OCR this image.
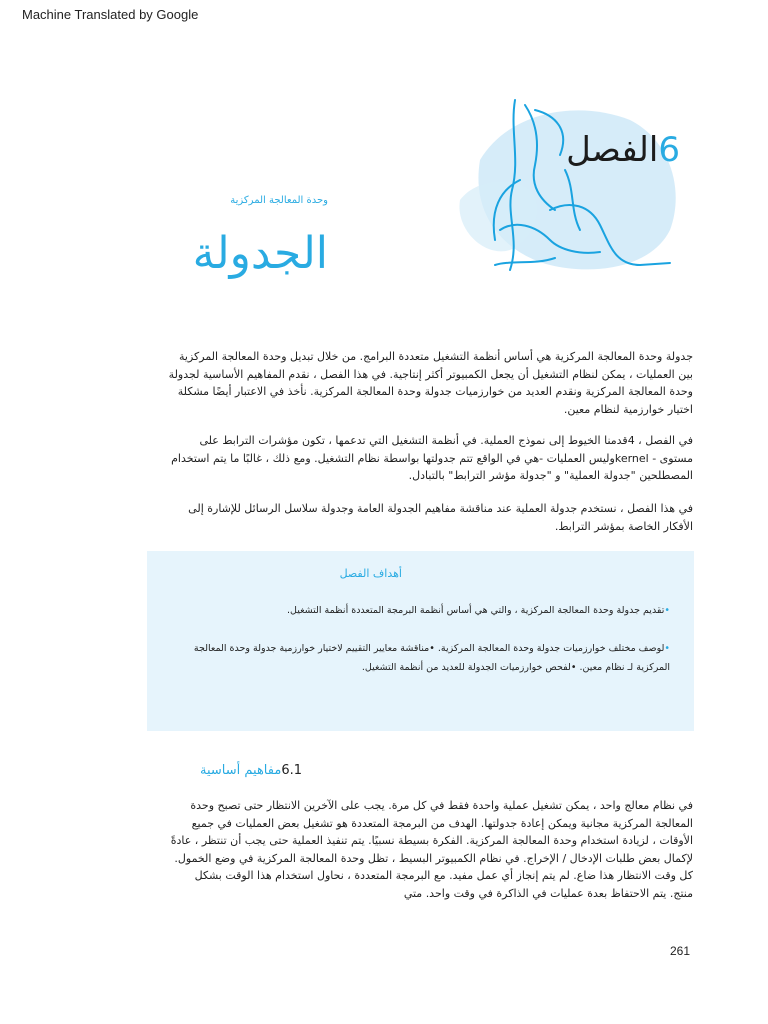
Machine Translated by Google
6الفصل
وحدة المعالجة المركزية
الجدولة

جدولة وحدة المعالجة المركزية هي أساس أنظمة التشغيل متعددة البرامج. من خلال تبديل وحدة المعالجة المركزية بين العمليات ، يمكن لنظام التشغيل أن يجعل الكمبيوتر أكثر إنتاجية. في هذا الفصل ، نقدم المفاهيم الأساسية لجدولة وحدة المعالجة المركزية ونقدم العديد من خوارزميات جدولة وحدة المعالجة المركزية. نأخذ في الاعتبار أيضًا مشكلة اختيار خوارزمية لنظام معين.

في الفصل ، 4قدمنا الخيوط إلى نموذج العملية. في أنظمة التشغيل التي تدعمها ، تكون مؤشرات الترابط على مستوى - kernelوليس العمليات -هي في الواقع تتم جدولتها بواسطة نظام التشغيل. ومع ذلك ، غالبًا ما يتم استخدام المصطلحين "جدولة العملية" و "جدولة مؤشر الترابط" بالتبادل.

في هذا الفصل ، نستخدم جدولة العملية عند مناقشة مفاهيم الجدولة العامة وجدولة سلاسل الرسائل للإشارة إلى الأفكار الخاصة بمؤشر الترابط.

أهداف الفصل

•تقديم جدولة وحدة المعالجة المركزية ، والتي هي أساس أنظمة البرمجة المتعددة أنظمة التشغيل.

•لوصف مختلف خوارزميات جدولة وحدة المعالجة المركزية. •مناقشة معايير التقييم لاختيار خوارزمية جدولة وحدة المعالجة المركزية لـ نظام معين. •لفحص خوارزميات الجدولة للعديد من أنظمة التشغيل.

6.1مفاهيم أساسية

في نظام معالج واحد ، يمكن تشغيل عملية واحدة فقط في كل مرة. يجب على الآخرين الانتظار حتى تصبح وحدة المعالجة المركزية مجانية ويمكن إعادة جدولتها. الهدف من البرمجة المتعددة هو تشغيل بعض العمليات في جميع الأوقات ، لزيادة استخدام وحدة المعالجة المركزية. الفكرة بسيطة نسبيًا. يتم تنفيذ العملية حتى يجب أن تنتظر ، عادةً لإكمال بعض طلبات الإدخال / الإخراج. في نظام الكمبيوتر البسيط ، تظل وحدة المعالجة المركزية في وضع الخمول. كل وقت الانتظار هذا ضاع. لم يتم إنجاز أي عمل مفيد. مع البرمجة المتعددة ، نحاول استخدام هذا الوقت بشكل منتج. يتم الاحتفاظ بعدة عمليات في الذاكرة في وقت واحد. متي

261
